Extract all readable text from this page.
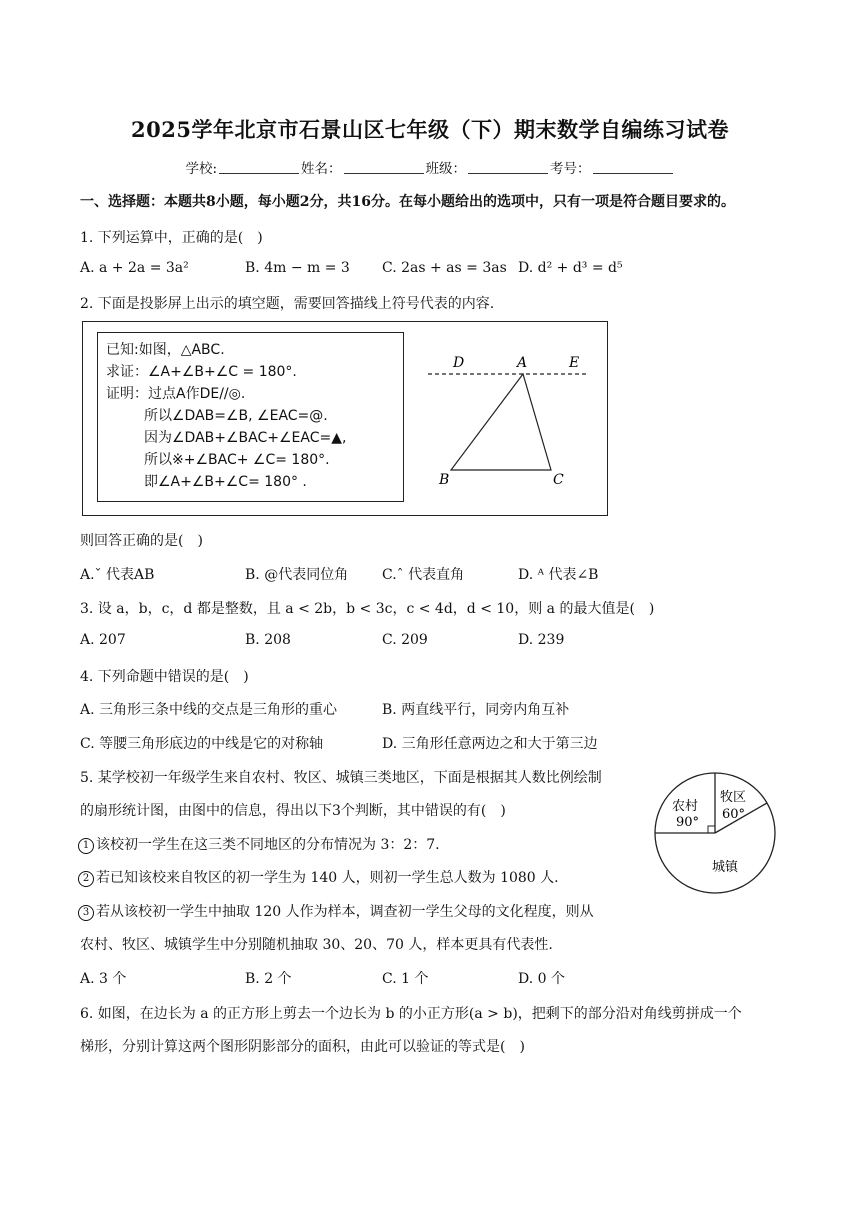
2025学年北京市石景山区七年级（下）期末数学自编练习试卷
学校:	姓名：	班级：	考号：
一、选择题：本题共8小题，每小题2分，共16分。在每小题给出的选项中，只有一项是符合题目要求的。
1. 下列运算中，正确的是(　)
A. a + 2a = 3a²	B. 4m − m = 3 C. 2as + as = 3as D. d² + d³ = d⁵
2. 下面是投影屏上出示的填空题，需要回答描线上符号代表的内容.
已知:如图，△ABC.
求证：∠A+∠B+∠C = 180°.
证明：过点A作DE//◎.
所以∠DAB=∠B, ∠EAC=@.
因为∠DAB+∠BAC+∠EAC=▲,
所以※+∠BAC+ ∠C= 180°.
即∠A+∠B+∠C= 180° .
D	A	E
B	C
则回答正确的是(　)
A.ˇ 代表AB	B. @代表同位角 C.ˆ 代表直角	D. ᴬ 代表∠B
3. 设 a，b，c，d 都是整数，且 a < 2b，b < 3c，c < 4d，d < 10，则 a 的最大值是(　)
A. 207	B. 208	C. 209	D. 239
4. 下列命题中错误的是(　)
A. 三角形三条中线的交点是三角形的重心	B. 两直线平行，同旁内角互补
C. 等腰三角形底边的中线是它的对称轴	D. 三角形任意两边之和大于第三边
5. 某学校初一年级学生来自农村、牧区、城镇三类地区，下面是根据其人数比例绘制
的扇形统计图，由图中的信息，得出以下3个判断，其中错误的有(　)
1 该校初一学生在这三类不同地区的分布情况为 3：2：7.
2 若已知该校来自牧区的初一学生为 140 人，则初一学生总人数为 1080 人.
3 若从该校初一学生中抽取 120 人作为样本，调查初一学生父母的文化程度，则从
农村、牧区、城镇学生中分别随机抽取 30、20、70 人，样本更具有代表性.
农村
90°
牧区
60°
城镇
A. 3 个	B. 2 个	C. 1 个	D. 0 个
6. 如图，在边长为 a 的正方形上剪去一个边长为 b 的小正方形(a > b)，把剩下的部分沿对角线剪拼成一个
梯形，分别计算这两个图形阴影部分的面积，由此可以验证的等式是(　)
